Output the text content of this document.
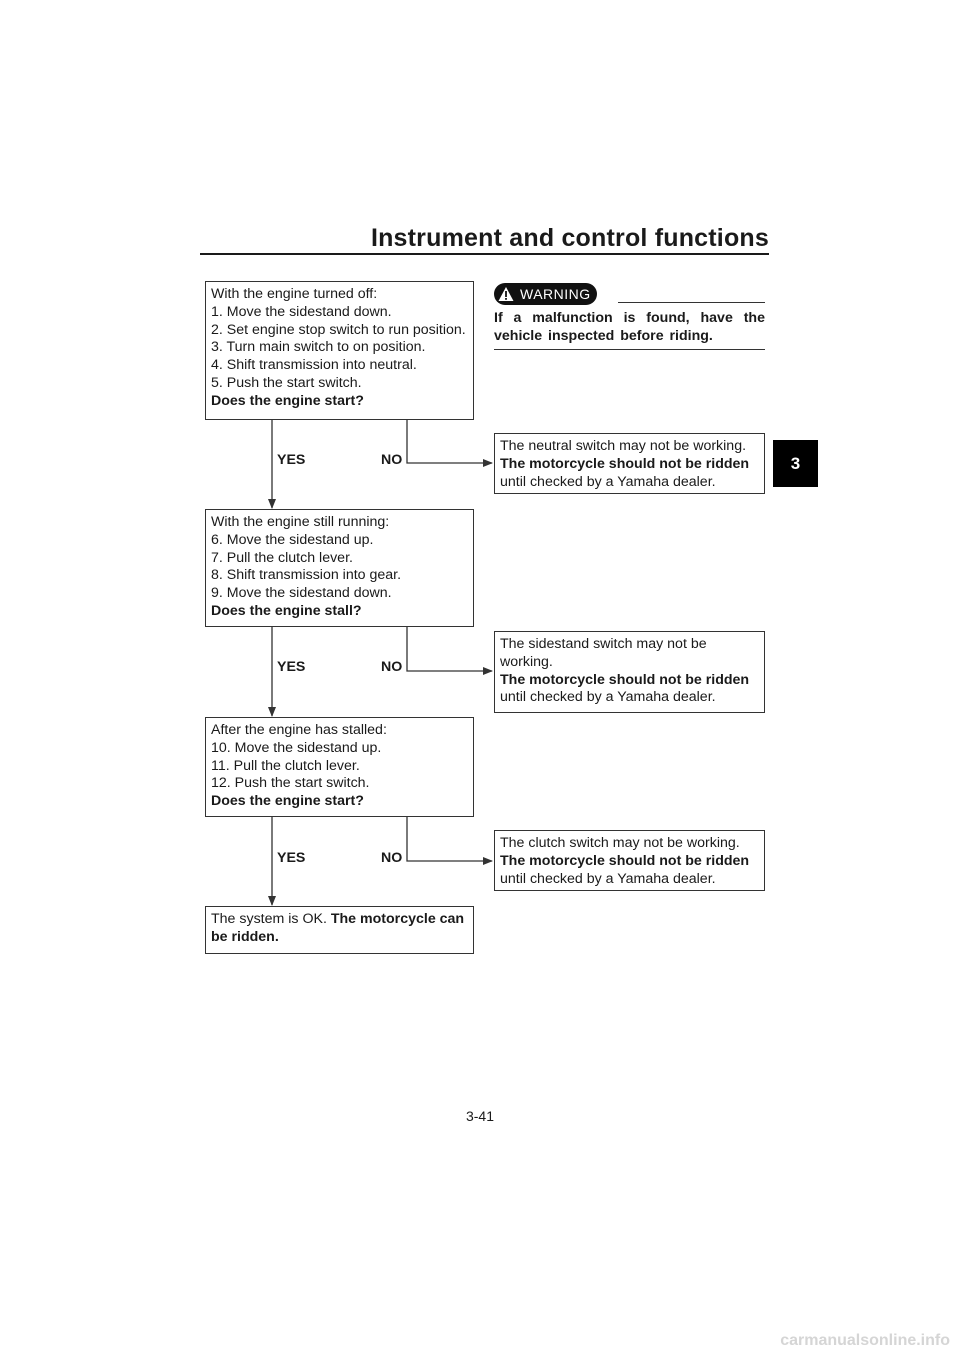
Instrument and control functions
3

With the engine turned off:

1. Move the sidestand down.

2. Set engine stop switch to run position.

3. Turn main switch to on position.

4. Shift transmission into neutral.

5. Push the start switch.

Does the engine start?

With the engine still running:

6. Move the sidestand up.

7. Pull the clutch lever.

8. Shift transmission into gear.

9. Move the sidestand down.

Does the engine stall?

After the engine has stalled:

10. Move the sidestand up.

11. Pull the clutch lever.

12. Push the start switch.

Does the engine start?

The system is OK. The motorcycle can be ridden.

YES	NO
YES	NO
YES	NO

The neutral switch may not be working.

The motorcycle should not be ridden

until checked by a Yamaha dealer.

The sidestand switch may not be working.

The motorcycle should not be ridden

until checked by a Yamaha dealer.

The clutch switch may not be working.

The motorcycle should not be ridden

until checked by a Yamaha dealer.

WARNING
If a malfunction is found, have the vehicle inspected before riding.
3-41
carmanualsonline.info
